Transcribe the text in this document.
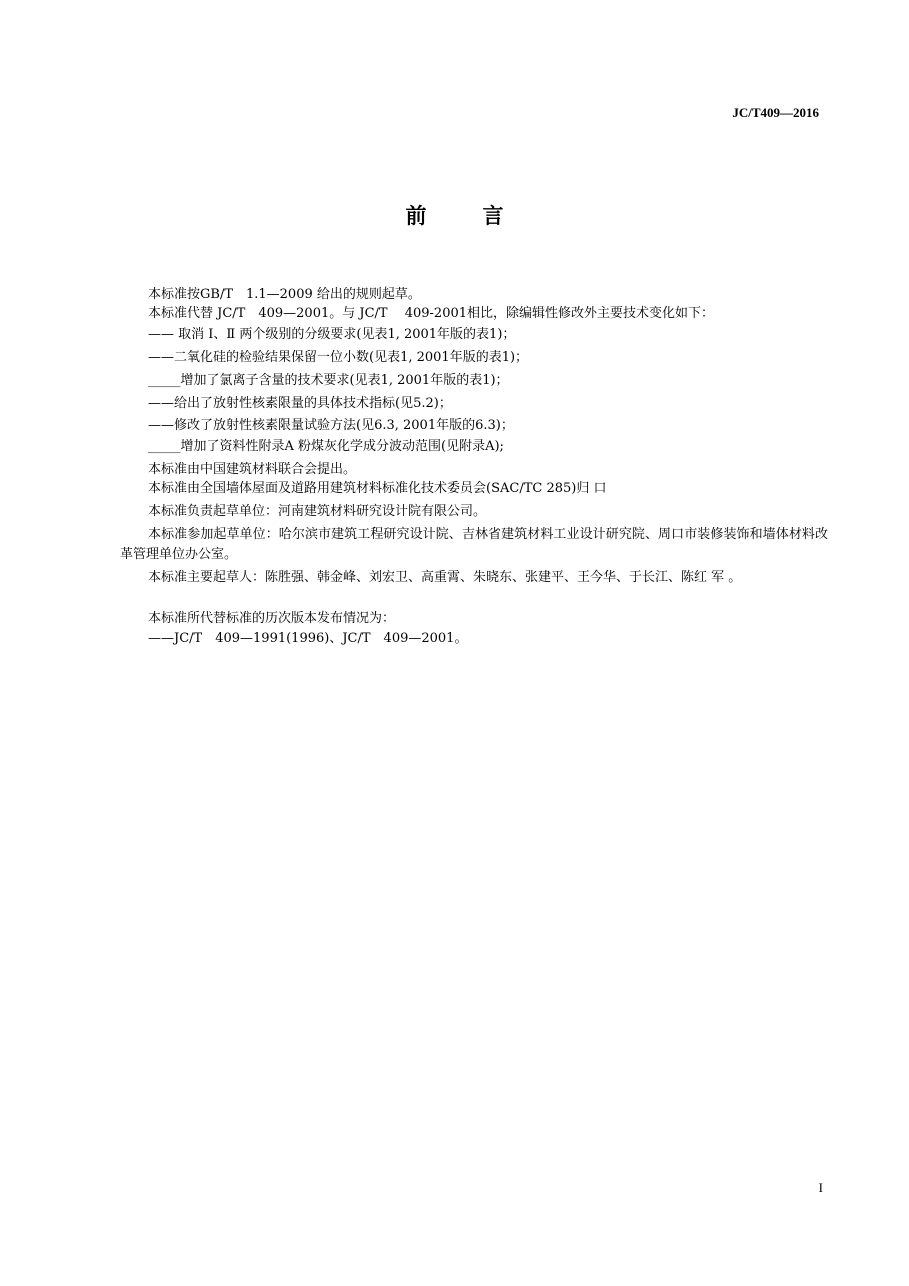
JC/T409—2016
前言
本标准按GB/T　1.1—2009 给出的规则起草。
本标准代替 JC/T　409—2001。与 JC/T　 409-2001相比，除编辑性修改外主要技术变化如下：
—— 取消 Ⅰ、Ⅱ 两个级别的分级要求(见表1, 2001年版的表1)；
——二氧化硅的检验结果保留一位小数(见表1, 2001年版的表1)；
_____增加了氯离子含量的技术要求(见表1, 2001年版的表1)；
——给出了放射性核素限量的具体技术指标(见5.2)；
——修改了放射性核素限量试验方法(见6.3, 2001年版的6.3)；
_____增加了资料性附录A 粉煤灰化学成分波动范围(见附录A);
本标准由中国建筑材料联合会提出。
本标准由全国墙体屋面及道路用建筑材料标准化技术委员会(SAC/TC 285)归 口
本标准负责起草单位：河南建筑材料研究设计院有限公司。
本标准参加起草单位：哈尔滨市建筑工程研究设计院、吉林省建筑材料工业设计研究院、周口市装修装饰和墙体材料改革管理单位办公室。
本标准主要起草人：陈胜强、韩金峰、刘宏卫、高重霄、朱晓东、张建平、王今华、于长江、陈红 军 。
本标准所代替标准的历次版本发布情况为：
——JC/T　409—1991(1996)、JC/T　409—2001。
I
